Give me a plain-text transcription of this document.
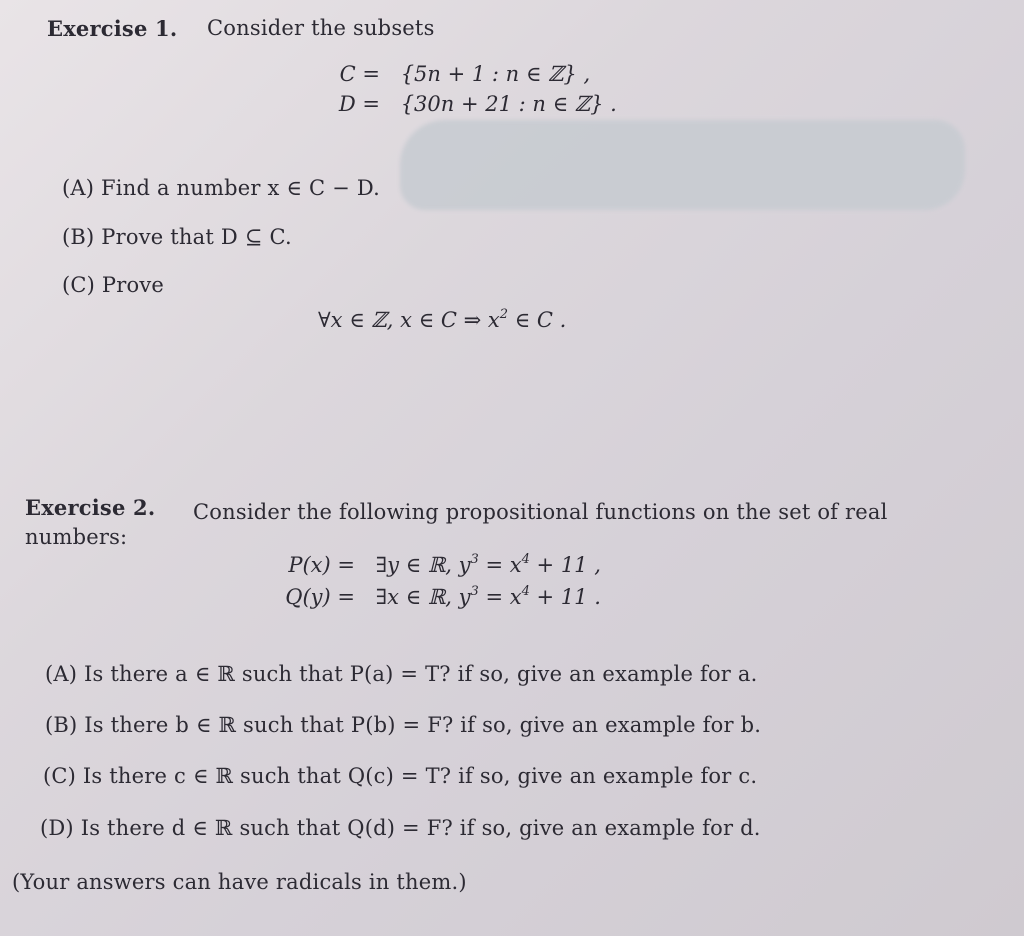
Exercise 1. Consider the subsets
C = {5n + 1 : n ∈ ℤ} ,
D = {30n + 21 : n ∈ ℤ} .
(A) Find a number x ∈ C − D.
(B) Prove that D ⊆ C.
(C) Prove
∀x ∈ ℤ, x ∈ C ⇒ $x^2$ ∈ C .
Exercise 2. Consider the following propositional functions on the set of real
numbers:
P(x) = ∃y ∈ ℝ, $y^3 = x^4 + 11$ ,
Q(y) = ∃x ∈ ℝ, $y^3 = x^4 + 11$ .
(A) Is there a ∈ ℝ such that P(a) = T? if so, give an example for a.
(B) Is there b ∈ ℝ such that P(b) = F? if so, give an example for b.
(C) Is there c ∈ ℝ such that Q(c) = T? if so, give an example for c.
(D) Is there d ∈ ℝ such that Q(d) = F? if so, give an example for d.
(Your answers can have radicals in them.)
